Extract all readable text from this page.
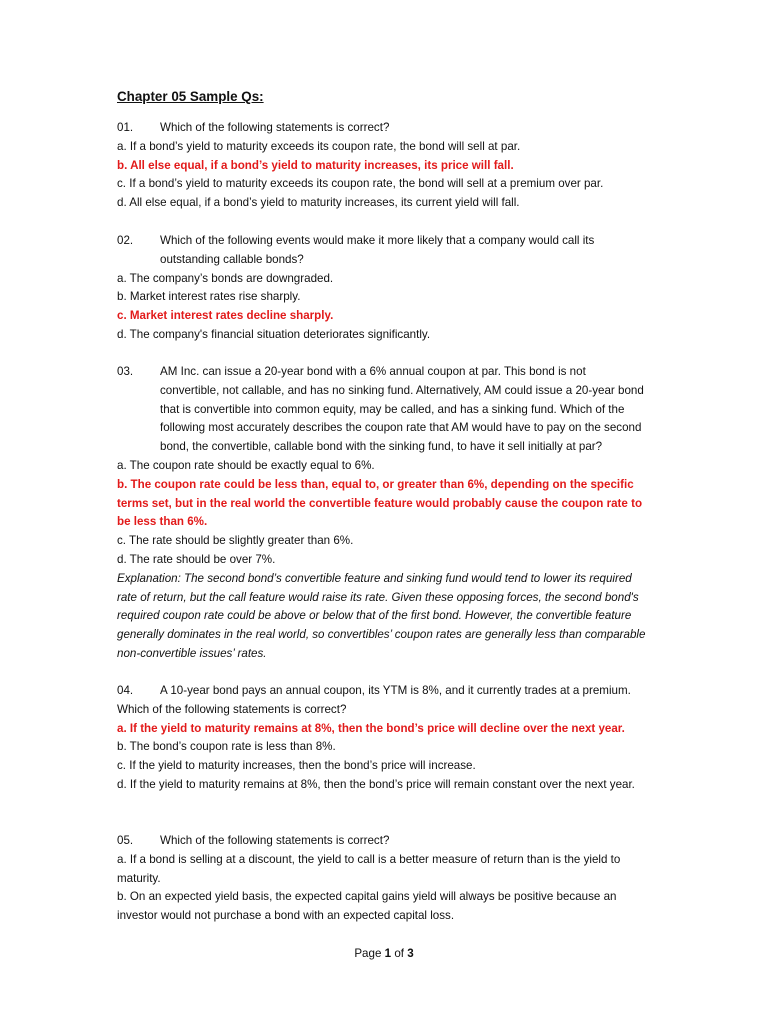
Chapter 05 Sample Qs:
01.	Which of the following statements is correct?
a. If a bond’s yield to maturity exceeds its coupon rate, the bond will sell at par.
b. All else equal, if a bond’s yield to maturity increases, its price will fall.
c. If a bond’s yield to maturity exceeds its coupon rate, the bond will sell at a premium over par.
d. All else equal, if a bond’s yield to maturity increases, its current yield will fall.
02.	Which of the following events would make it more likely that a company would call its outstanding callable bonds?
a. The company’s bonds are downgraded.
b. Market interest rates rise sharply.
c. Market interest rates decline sharply.
d. The company's financial situation deteriorates significantly.
03.	AM Inc. can issue a 20-year bond with a 6% annual coupon at par. This bond is not convertible, not callable, and has no sinking fund. Alternatively, AM could issue a 20-year bond that is convertible into common equity, may be called, and has a sinking fund. Which of the following most accurately describes the coupon rate that AM would have to pay on the second bond, the convertible, callable bond with the sinking fund, to have it sell initially at par?
a. The coupon rate should be exactly equal to 6%.
b. The coupon rate could be less than, equal to, or greater than 6%, depending on the specific terms set, but in the real world the convertible feature would probably cause the coupon rate to be less than 6%.
c. The rate should be slightly greater than 6%.
d. The rate should be over 7%.
Explanation: The second bond’s convertible feature and sinking fund would tend to lower its required rate of return, but the call feature would raise its rate. Given these opposing forces, the second bond's required coupon rate could be above or below that of the first bond. However, the convertible feature generally dominates in the real world, so convertibles’ coupon rates are generally less than comparable non-convertible issues’ rates.
04.	A 10-year bond pays an annual coupon, its YTM is 8%, and it currently trades at a premium.
Which of the following statements is correct?
a. If the yield to maturity remains at 8%, then the bond’s price will decline over the next year.
b. The bond’s coupon rate is less than 8%.
c. If the yield to maturity increases, then the bond’s price will increase.
d. If the yield to maturity remains at 8%, then the bond’s price will remain constant over the next year.
05.	Which of the following statements is correct?
a. If a bond is selling at a discount, the yield to call is a better measure of return than is the yield to maturity.
b. On an expected yield basis, the expected capital gains yield will always be positive because an investor would not purchase a bond with an expected capital loss.
Page 1 of 3
